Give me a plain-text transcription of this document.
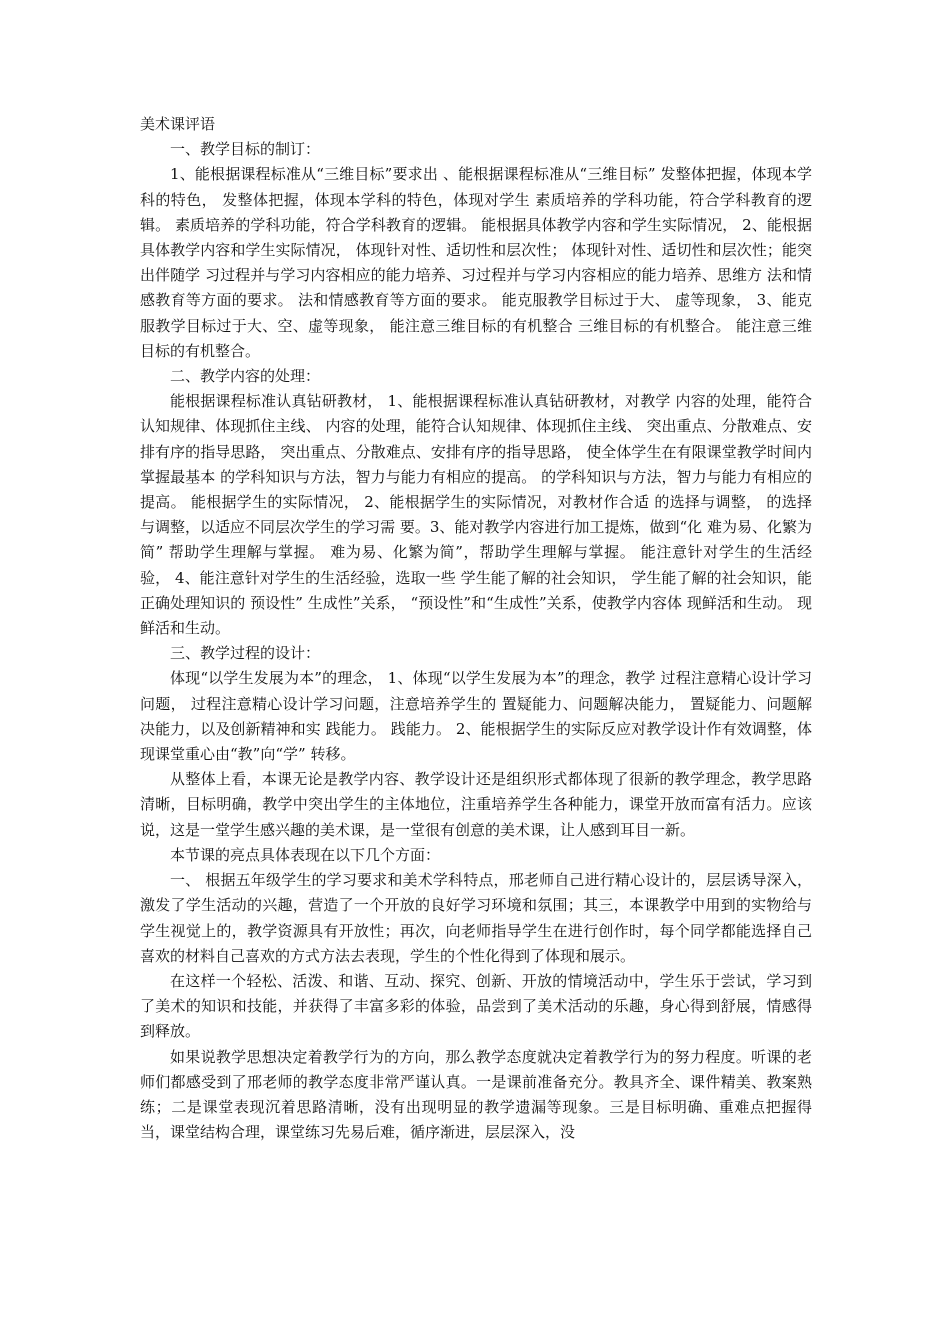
美术课评语

一、教学目标的制订：

1、能根据课程标准从“三维目标”要求出 、能根据课程标准从“三维目标” 发整体把握，体现本学科的特色， 发整体把握，体现本学科的特色，体现对学生 素质培养的学科功能，符合学科教育的逻辑。 素质培养的学科功能，符合学科教育的逻辑。 能根据具体教学内容和学生实际情况， 2、能根据具体教学内容和学生实际情况， 体现针对性、适切性和层次性； 体现针对性、适切性和层次性；能突出伴随学 习过程并与学习内容相应的能力培养、习过程并与学习内容相应的能力培养、思维方 法和情感教育等方面的要求。 法和情感教育等方面的要求。 能克服教学目标过于大、 虚等现象， 3、能克服教学目标过于大、空、虚等现象， 能注意三维目标的有机整合 三维目标的有机整合。 能注意三维目标的有机整合。

二、教学内容的处理：

能根据课程标准认真钻研教材， 1、能根据课程标准认真钻研教材，对教学 内容的处理，能符合认知规律、体现抓住主线、 内容的处理，能符合认知规律、体现抓住主线、 突出重点、分散难点、安排有序的指导思路， 突出重点、分散难点、安排有序的指导思路， 使全体学生在有限课堂教学时间内掌握最基本 的学科知识与方法，智力与能力有相应的提高。 的学科知识与方法，智力与能力有相应的提高。 能根据学生的实际情况， 2、能根据学生的实际情况，对教材作合适 的选择与调整， 的选择与调整，以适应不同层次学生的学习需 要。3、能对教学内容进行加工提炼，做到“化 难为易、化繁为简” 帮助学生理解与掌握。 难为易、化繁为简”，帮助学生理解与掌握。 能注意针对学生的生活经验， 4、能注意针对学生的生活经验，选取一些 学生能了解的社会知识， 学生能了解的社会知识，能正确处理知识的 预设性” 生成性”关系， “预设性”和“生成性”关系，使教学内容体 现鲜活和生动。 现鲜活和生动。

三、教学过程的设计：

体现“以学生发展为本”的理念， 1、体现“以学生发展为本”的理念，教学 过程注意精心设计学习问题， 过程注意精心设计学习问题，注意培养学生的 置疑能力、问题解决能力， 置疑能力、问题解决能力，以及创新精神和实 践能力。 践能力。 2、能根据学生的实际反应对教学设计作有效调整，体现课堂重心由“教”向“学” 转移。

从整体上看，本课无论是教学内容、教学设计还是组织形式都体现了很新的教学理念，教学思路清晰，目标明确，教学中突出学生的主体地位，注重培养学生各种能力，课堂开放而富有活力。应该说，这是一堂学生感兴趣的美术课，是一堂很有创意的美术课，让人感到耳目一新。

本节课的亮点具体表现在以下几个方面：

一、 根据五年级学生的学习要求和美术学科特点，邢老师自己进行精心设计的，层层诱导深入，激发了学生活动的兴趣，营造了一个开放的良好学习环境和氛围；其三，本课教学中用到的实物给与学生视觉上的，教学资源具有开放性；再次，向老师指导学生在进行创作时，每个同学都能选择自己喜欢的材料自己喜欢的方式方法去表现，学生的个性化得到了体现和展示。

在这样一个轻松、活泼、和谐、互动、探究、创新、开放的情境活动中，学生乐于尝试，学习到了美术的知识和技能，并获得了丰富多彩的体验，品尝到了美术活动的乐趣，身心得到舒展，情感得到释放。

如果说教学思想决定着教学行为的方向，那么教学态度就决定着教学行为的努力程度。听课的老师们都感受到了邢老师的教学态度非常严谨认真。一是课前准备充分。教具齐全、课件精美、教案熟练；二是课堂表现沉着思路清晰，没有出现明显的教学遗漏等现象。三是目标明确、重难点把握得当，课堂结构合理，课堂练习先易后难，循序渐进，层层深入，没
